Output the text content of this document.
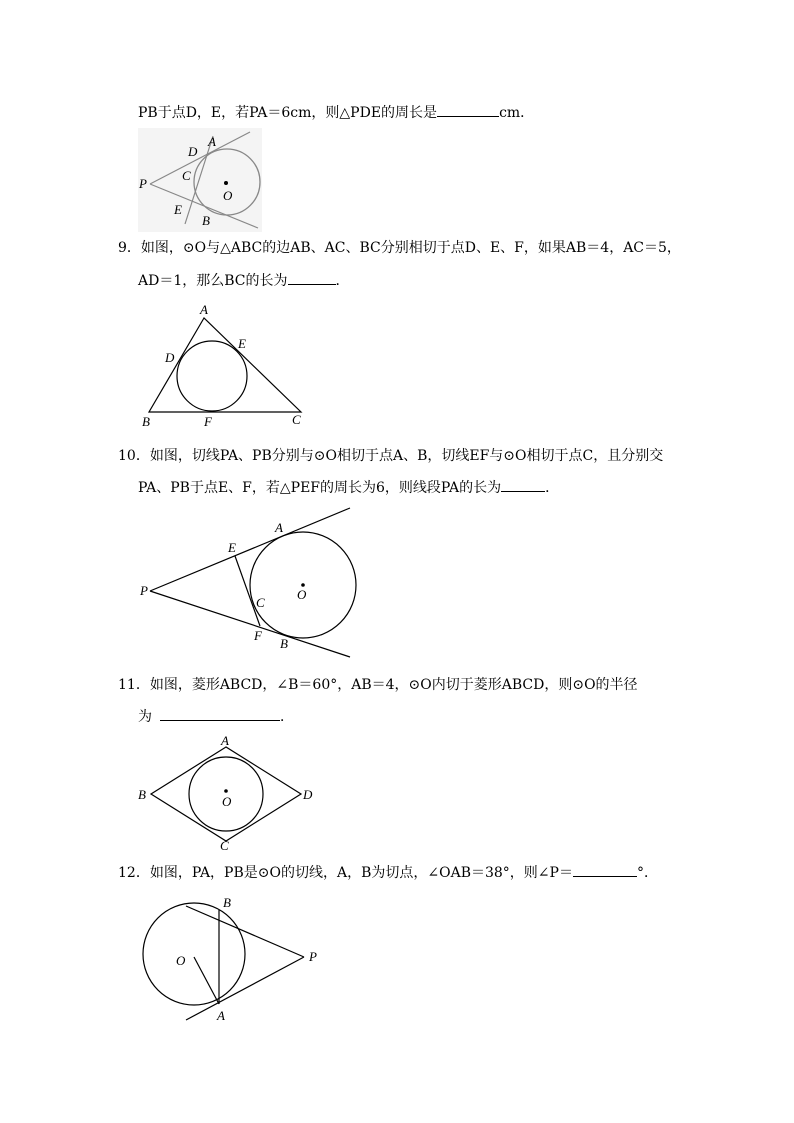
PB于点D，E，若PA＝6cm，则△PDE的周长是	cm．
P
D
A
C
E
B
O
9．如图，⊙O与△ABC的边AB、AC、BC分别相切于点D、E、F，如果AB＝4，AC＝5，
AD＝1，那么BC的长为	．
A
D
E
B	F	C
10．如图，切线PA、PB分别与⊙O相切于点A、B，切线EF与⊙O相切于点C，且分别交
PA、PB于点E、F，若△PEF的周长为6，则线段PA的长为	．
P
E
A
O
C
F
B
11．如图，菱形ABCD，∠B＝60°，AB＝4，⊙O内切于菱形ABCD，则⊙O的半径
为	．
A
B	O	D
C
12．如图，PA，PB是⊙O的切线，A，B为切点，∠OAB＝38°，则∠P＝	°．
B
O	P
A
